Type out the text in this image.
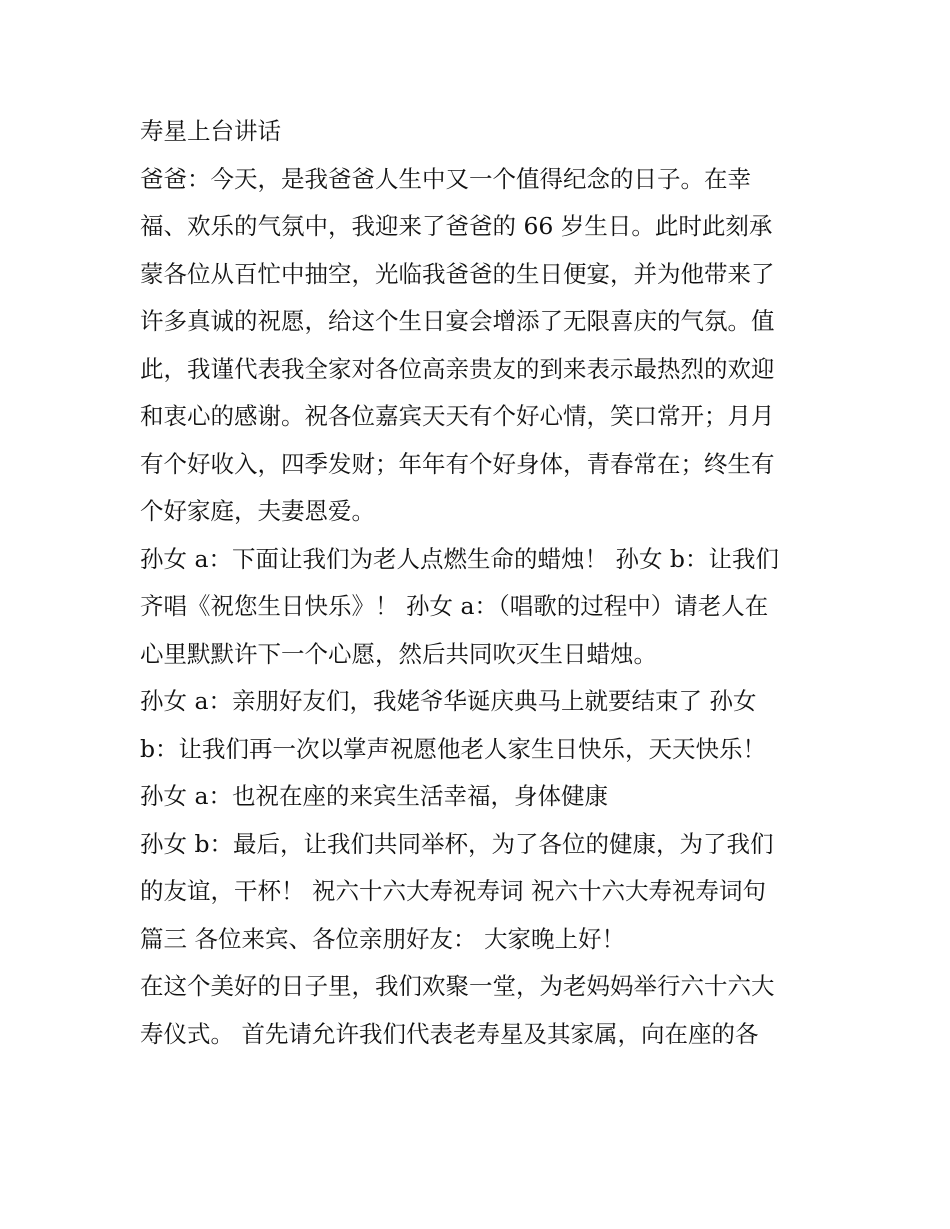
寿星上台讲话
爸爸：今天，是我爸爸人生中又一个值得纪念的日子。在幸
福、欢乐的气氛中，我迎来了爸爸的 66 岁生日。此时此刻承
蒙各位从百忙中抽空，光临我爸爸的生日便宴，并为他带来了
许多真诚的祝愿，给这个生日宴会增添了无限喜庆的气氛。值
此，我谨代表我全家对各位高亲贵友的到来表示最热烈的欢迎
和衷心的感谢。祝各位嘉宾天天有个好心情，笑口常开；月月
有个好收入，四季发财；年年有个好身体，青春常在；终生有
个好家庭，夫妻恩爱。
孙女 a：下面让我们为老人点燃生命的蜡烛！ 孙女 b：让我们
齐唱《祝您生日快乐》！ 孙女 a：（唱歌的过程中）请老人在
心里默默许下一个心愿，然后共同吹灭生日蜡烛。
孙女 a：亲朋好友们，我姥爷华诞庆典马上就要结束了 孙女
b：让我们再一次以掌声祝愿他老人家生日快乐，天天快乐！
孙女 a：也祝在座的来宾生活幸福，身体健康
孙女 b：最后，让我们共同举杯，为了各位的健康，为了我们
的友谊，干杯！ 祝六十六大寿祝寿词 祝六十六大寿祝寿词句
篇三 各位来宾、各位亲朋好友： 大家晚上好！
在这个美好的日子里，我们欢聚一堂，为老妈妈举行六十六大
寿仪式。 首先请允许我们代表老寿星及其家属，向在座的各
